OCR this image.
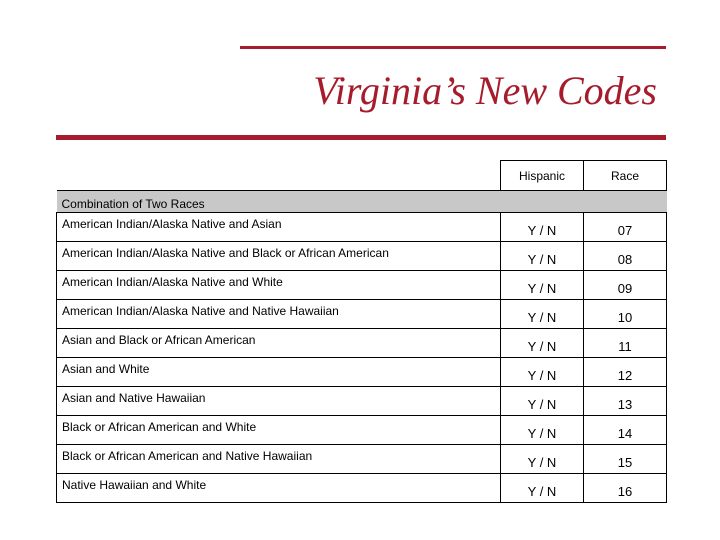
Virginia’s New Codes
	Hispanic	Race
Combination of Two Races		
American Indian/Alaska Native and Asian	Y / N	07
American Indian/Alaska Native and Black or African American	Y / N	08
American Indian/Alaska Native and White	Y / N	09
American Indian/Alaska Native and Native Hawaiian	Y / N	10
Asian and Black or African American	Y / N	11
Asian and White	Y / N	12
Asian and Native Hawaiian	Y / N	13
Black or African American and White	Y / N	14
Black or African American and Native Hawaiian	Y / N	15
Native Hawaiian and White	Y / N	16
